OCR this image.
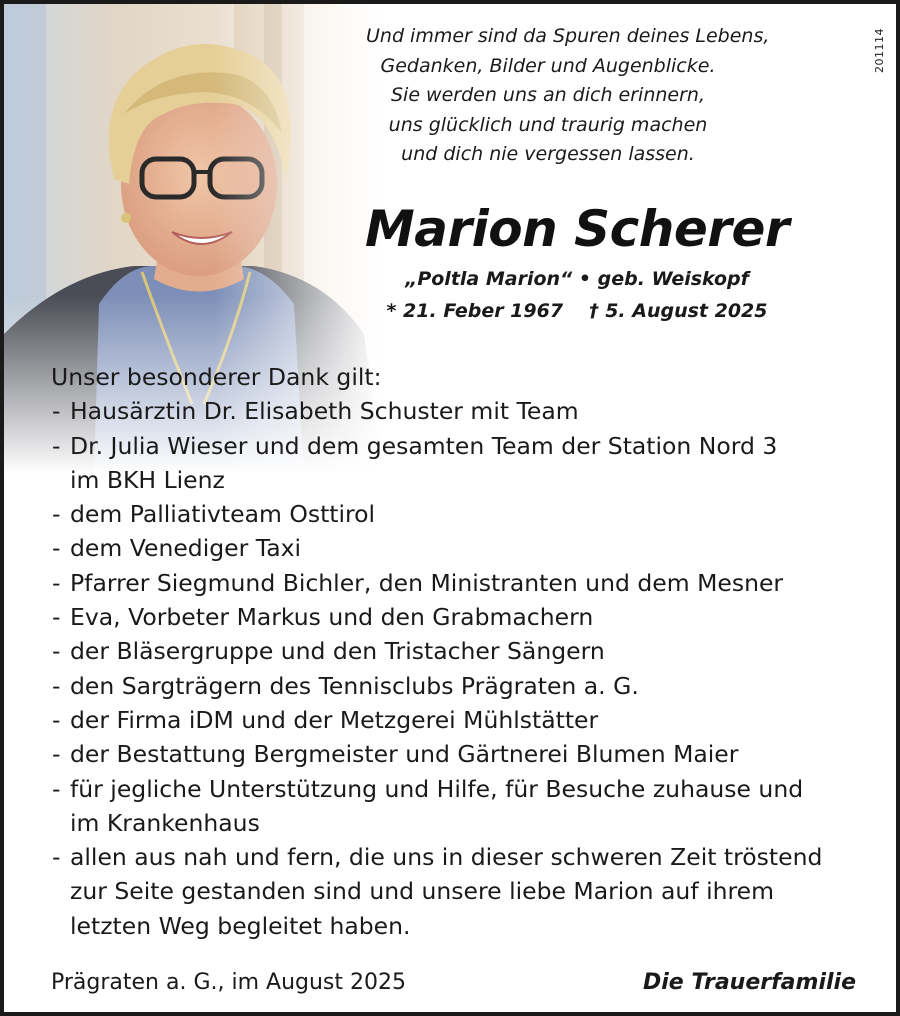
201114
Und immer sind da Spuren deines Lebens,
Gedanken, Bilder und Augenblicke.
Sie werden uns an dich erinnern,
uns glücklich und traurig machen
und dich nie vergessen lassen.
Marion Scherer
„Poltla Marion“ • geb. Weiskopf
* 21. Feber 1967 † 5. August 2025
Unser besonderer Dank gilt:
- Hausärztin Dr. Elisabeth Schuster mit Team
- Dr. Julia Wieser und dem gesamten Team der Station Nord 3
im BKH Lienz
- dem Palliativteam Osttirol
- dem Venediger Taxi
- Pfarrer Siegmund Bichler, den Ministranten und dem Mesner
- Eva, Vorbeter Markus und den Grabmachern
- der Bläsergruppe und den Tristacher Sängern
- den Sargträgern des Tennisclubs Prägraten a. G.
- der Firma iDM und der Metzgerei Mühlstätter
- der Bestattung Bergmeister und Gärtnerei Blumen Maier
- für jegliche Unterstützung und Hilfe, für Besuche zuhause und
im Krankenhaus
- allen aus nah und fern, die uns in dieser schweren Zeit tröstend
zur Seite gestanden sind und unsere liebe Marion auf ihrem
letzten Weg begleitet haben.
Prägraten a. G., im August 2025	Die Trauerfamilie
